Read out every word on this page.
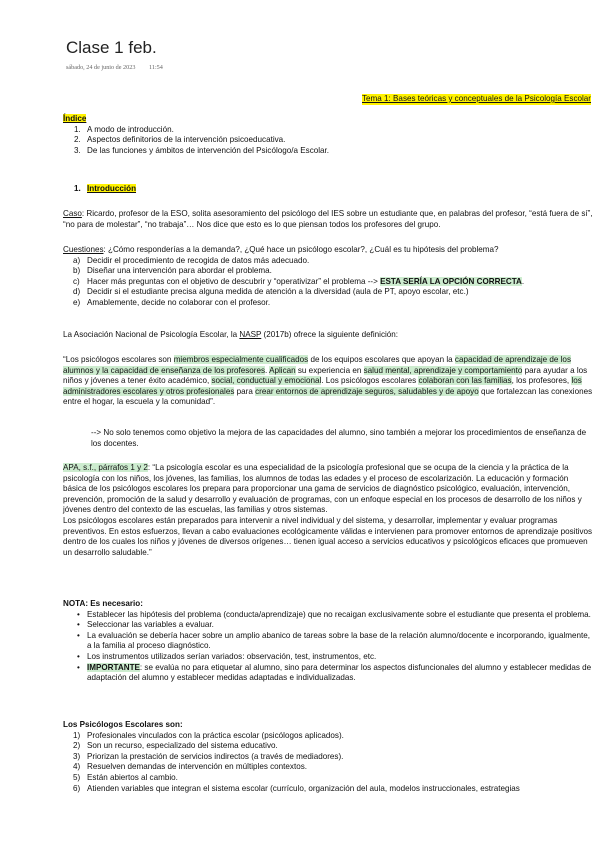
Clase 1 feb.
sábado, 24 de junio de 2023 11:54
Tema 1: Bases teóricas y conceptuales de la Psicología Escolar
Índice
1. A modo de introducción.
2. Aspectos definitorios de la intervención psicoeducativa.
3. De las funciones y ámbitos de intervención del Psicólogo/a Escolar.
1. Introducción

Caso: Ricardo, profesor de la ESO, solita asesoramiento del psicólogo del IES sobre un estudiante que, en palabras del profesor, “está fuera de sí”, “no para de molestar”, “no trabaja”… Nos dice que esto es lo que piensan todos los profesores del grupo.

Cuestiones: ¿Cómo responderías a la demanda?, ¿Qué hace un psicólogo escolar?, ¿Cuál es tu hipótesis del problema?

a) Decidir el procedimiento de recogida de datos más adecuado.
b) Diseñar una intervención para abordar el problema.
c) Hacer más preguntas con el objetivo de descubrir y “operativizar” el problema --> ESTA SERÍA LA OPCIÓN CORRECTA.
d) Decidir si el estudiante precisa alguna medida de atención a la diversidad (aula de PT, apoyo escolar, etc.)
e) Amablemente, decide no colaborar con el profesor.

La Asociación Nacional de Psicología Escolar, la NASP (2017b) ofrece la siguiente definición:

“Los psicólogos escolares son miembros especialmente cualificados de los equipos escolares que apoyan la capacidad de aprendizaje de los alumnos y la capacidad de enseñanza de los profesores. Aplican su experiencia en salud mental, aprendizaje y comportamiento para ayudar a los niños y jóvenes a tener éxito académico, social, conductual y emocional. Los psicólogos escolares colaboran con las familias, los profesores, los administradores escolares y otros profesionales para crear entornos de aprendizaje seguros, saludables y de apoyo que fortalezcan las conexiones entre el hogar, la escuela y la comunidad”.

--> No solo tenemos como objetivo la mejora de las capacidades del alumno, sino también a mejorar los procedimientos de enseñanza de los docentes.

APA, s.f., párrafos 1 y 2: “La psicología escolar es una especialidad de la psicología profesional que se ocupa de la ciencia y la práctica de la psicología con los niños, los jóvenes, las familias, los alumnos de todas las edades y el proceso de escolarización. La educación y formación básica de los psicólogos escolares los prepara para proporcionar una gama de servicios de diagnóstico psicológico, evaluación, intervención, prevención, promoción de la salud y desarrollo y evaluación de programas, con un enfoque especial en los procesos de desarrollo de los niños y jóvenes dentro del contexto de las escuelas, las familias y otros sistemas.

Los psicólogos escolares están preparados para intervenir a nivel individual y del sistema, y desarrollar, implementar y evaluar programas preventivos. En estos esfuerzos, llevan a cabo evaluaciones ecológicamente válidas e intervienen para promover entornos de aprendizaje positivos dentro de los cuales los niños y jóvenes de diversos orígenes… tienen igual acceso a servicios educativos y psicológicos eficaces que promueven un desarrollo saludable.”

NOTA: Es necesario:

• Establecer las hipótesis del problema (conducta/aprendizaje) que no recaigan exclusivamente sobre el estudiante que presenta el problema.
• Seleccionar las variables a evaluar.
• La evaluación se debería hacer sobre un amplio abanico de tareas sobre la base de la relación alumno/docente e incorporando, igualmente, a la familia al proceso diagnóstico.
• Los instrumentos utilizados serían variados: observación, test, instrumentos, etc.
• IMPORTANTE: se evalúa no para etiquetar al alumno, sino para determinar los aspectos disfuncionales del alumno y establecer medidas de adaptación del alumno y establecer medidas adaptadas e individualizadas.

Los Psicólogos Escolares son:

1) Profesionales vinculados con la práctica escolar (psicólogos aplicados).
2) Son un recurso, especializado del sistema educativo.
3) Priorizan la prestación de servicios indirectos (a través de mediadores).
4) Resuelven demandas de intervención en múltiples contextos.
5) Están abiertos al cambio.
6) Atienden variables que integran el sistema escolar (currículo, organización del aula, modelos instruccionales, estrategias
